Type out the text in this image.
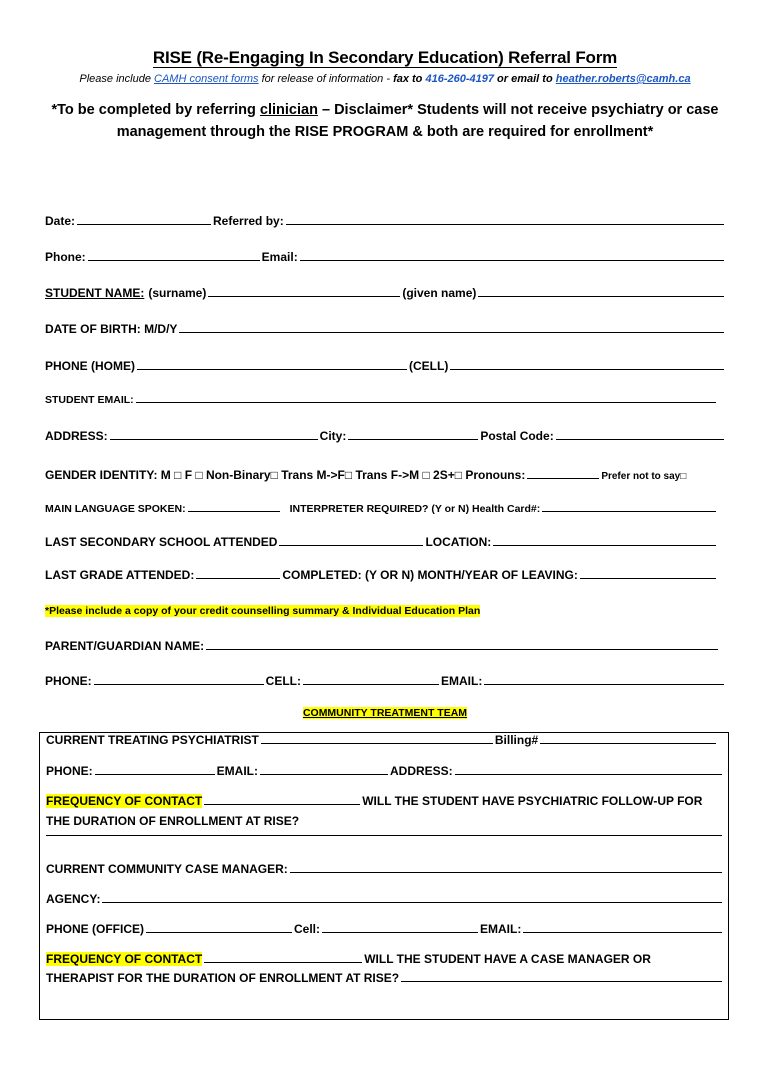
RISE (Re-Engaging In Secondary Education) Referral Form
Please include CAMH consent forms for release of information - fax to 416-260-4197 or email to heather.roberts@camh.ca
*To be completed by referring clinician – Disclaimer* Students will not receive psychiatry or case management through the RISE PROGRAM & both are required for enrollment*
Date:	Referred by:
Phone:	Email:
STUDENT NAME: (surname)	(given name)
DATE OF BIRTH: M/D/Y
PHONE (HOME)	(CELL)
STUDENT EMAIL:
ADDRESS:	City:	Postal Code:
GENDER IDENTITY: M □ F □ Non-Binary□ Trans M->F□ Trans F->M □ 2S+□ Pronouns:	Prefer not to say□
MAIN LANGUAGE SPOKEN:	INTERPRETER REQUIRED? (Y or N) Health Card#:
LAST SECONDARY SCHOOL ATTENDED	LOCATION:
LAST GRADE ATTENDED:	COMPLETED: (Y OR N) MONTH/YEAR OF LEAVING:
*Please include a copy of your credit counselling summary & Individual Education Plan
PARENT/GUARDIAN NAME:
PHONE:	CELL:	EMAIL:
COMMUNITY TREATMENT TEAM
CURRENT TREATING PSYCHIATRIST	Billing#
PHONE:	EMAIL:	ADDRESS:
FREQUENCY OF CONTACT	WILL THE STUDENT HAVE PSYCHIATRIC FOLLOW-UP FOR
THE DURATION OF ENROLLMENT AT RISE?
CURRENT COMMUNITY CASE MANAGER:
AGENCY:
PHONE (OFFICE)	Cell:	EMAIL:
FREQUENCY OF CONTACT	WILL THE STUDENT HAVE A CASE MANAGER OR
THERAPIST FOR THE DURATION OF ENROLLMENT AT RISE?
